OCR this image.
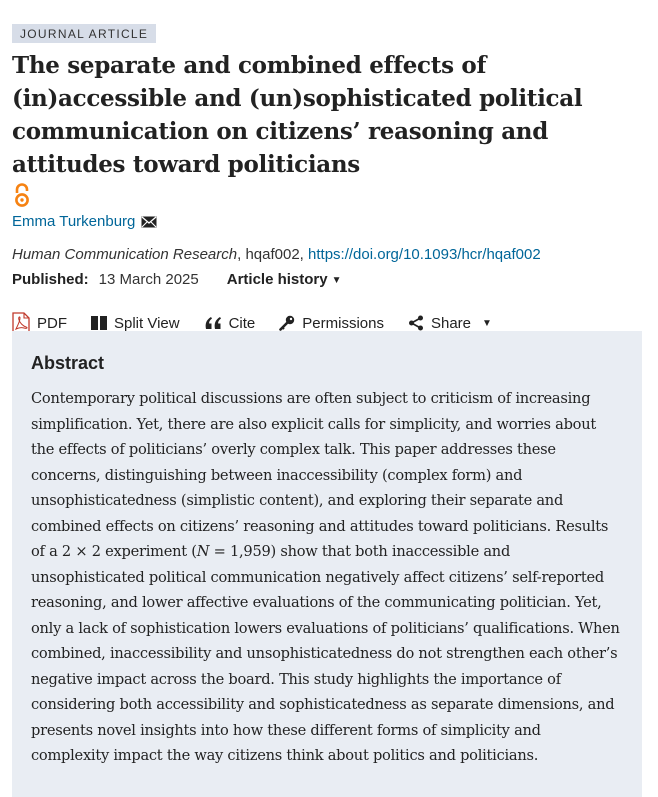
JOURNAL ARTICLE
The separate and combined effects of (in)accessible and (un)sophisticated political communication on citizens’ reasoning and attitudes toward politicians
Emma Turkenburg
Human Communication Research, hqaf002, https://doi.org/10.1093/hcr/hqaf002
Published: 13 March 2025 Article history ▼
PDF	Split View	Cite	Permissions	Share ▼
Abstract

Contemporary political discussions are often subject to criticism of increasing simplification. Yet, there are also explicit calls for simplicity, and worries about the effects of politicians’ overly complex talk. This paper addresses these concerns, distinguishing between inaccessibility (complex form) and unsophisticatedness (simplistic content), and exploring their separate and combined effects on citizens’ reasoning and attitudes toward politicians. Results of a 2 × 2 experiment (N = 1,959) show that both inaccessible and unsophisticated political communication negatively affect citizens’ self-reported reasoning, and lower affective evaluations of the communicating politician. Yet, only a lack of sophistication lowers evaluations of politicians’ qualifications. When combined, inaccessibility and unsophisticatedness do not strengthen each other’s negative impact across the board. This study highlights the importance of considering both accessibility and sophisticatedness as separate dimensions, and presents novel insights into how these different forms of simplicity and complexity impact the way citizens think about politics and politicians.
